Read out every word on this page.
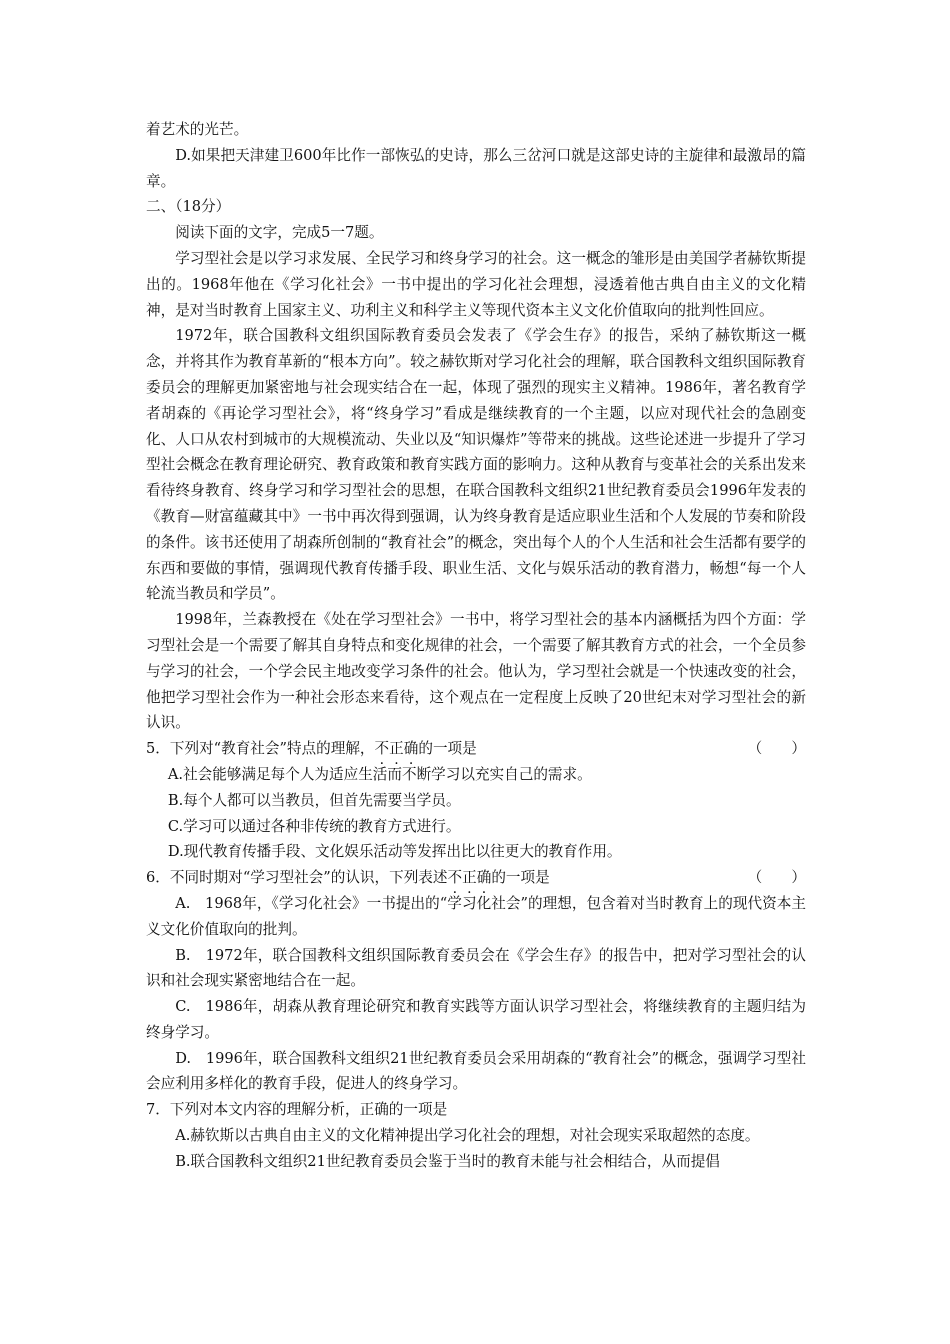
着艺术的光芒。

D.如果把天津建卫600年比作一部恢弘的史诗，那么三岔河口就是这部史诗的主旋律和最激昂的篇章。

二、（18分）

阅读下面的文字，完成5一7题。

学习型社会是以学习求发展、全民学习和终身学习的社会。这一概念的雏形是由美国学者赫钦斯提出的。1968年他在《学习化社会》一书中提出的学习化社会理想，浸透着他古典自由主义的文化精神，是对当时教育上国家主义、功利主义和科学主义等现代资本主义文化价值取向的批判性回应。

1972年，联合国教科文组织国际教育委员会发表了《学会生存》的报告，采纳了赫钦斯这一概念，并将其作为教育革新的“根本方向”。较之赫钦斯对学习化社会的理解，联合国教科文组织国际教育委员会的理解更加紧密地与社会现实结合在一起，体现了强烈的现实主义精神。1986年，著名教育学者胡森的《再论学习型社会》，将“终身学习”看成是继续教育的一个主题，以应对现代社会的急剧变化、人口从农村到城市的大规模流动、失业以及“知识爆炸”等带来的挑战。这些论述进一步提升了学习型社会概念在教育理论研究、教育政策和教育实践方面的影响力。这种从教育与变革社会的关系出发来看待终身教育、终身学习和学习型社会的思想，在联合国教科文组织21世纪教育委员会1996年发表的《教育—财富蕴藏其中》一书中再次得到强调，认为终身教育是适应职业生活和个人发展的节奏和阶段的条件。该书还使用了胡森所创制的“教育社会”的概念，突出每个人的个人生活和社会生活都有要学的东西和要做的事情，强调现代教育传播手段、职业生活、文化与娱乐活动的教育潜力，畅想“每一个人轮流当教员和学员”。

1998年，兰森教授在《处在学习型社会》一书中，将学习型社会的基本内涵概括为四个方面：学习型社会是一个需要了解其自身特点和变化规律的社会，一个需要了解其教育方式的社会，一个全员参与学习的社会，一个学会民主地改变学习条件的社会。他认为，学习型社会就是一个快速改变的社会，他把学习型社会作为一种社会形态来看待，这个观点在一定程度上反映了20世纪末对学习型社会的新认识。

5．下列对“教育社会”特点的理解，不正确的一项是	（　　）

A.社会能够满足每个人为适应生活而不断学习以充实自己的需求。

B.每个人都可以当教员，但首先需要当学员。

C.学习可以通过各种非传统的教育方式进行。

D.现代教育传播手段、文化娱乐活动等发挥出比以往更大的教育作用。

6．不同时期对“学习型社会”的认识，下列表述不正确的一项是	（　　）

A.　1968年，《学习化社会》一书提出的“学习化社会”的理想，包含着对当时教育上的现代资本主义文化价值取向的批判。

B.　1972年，联合国教科文组织国际教育委员会在《学会生存》的报告中，把对学习型社会的认识和社会现实紧密地结合在一起。

C.　1986年，胡森从教育理论研究和教育实践等方面认识学习型社会，将继续教育的主题归结为终身学习。

D.　1996年，联合国教科文组织21世纪教育委员会采用胡森的“教育社会”的概念，强调学习型社会应利用多样化的教育手段，促进人的终身学习。

7．下列对本文内容的理解分析，正确的一项是

A.赫钦斯以古典自由主义的文化精神提出学习化社会的理想，对社会现实采取超然的态度。

B.联合国教科文组织21世纪教育委员会鉴于当时的教育未能与社会相结合，从而提倡
